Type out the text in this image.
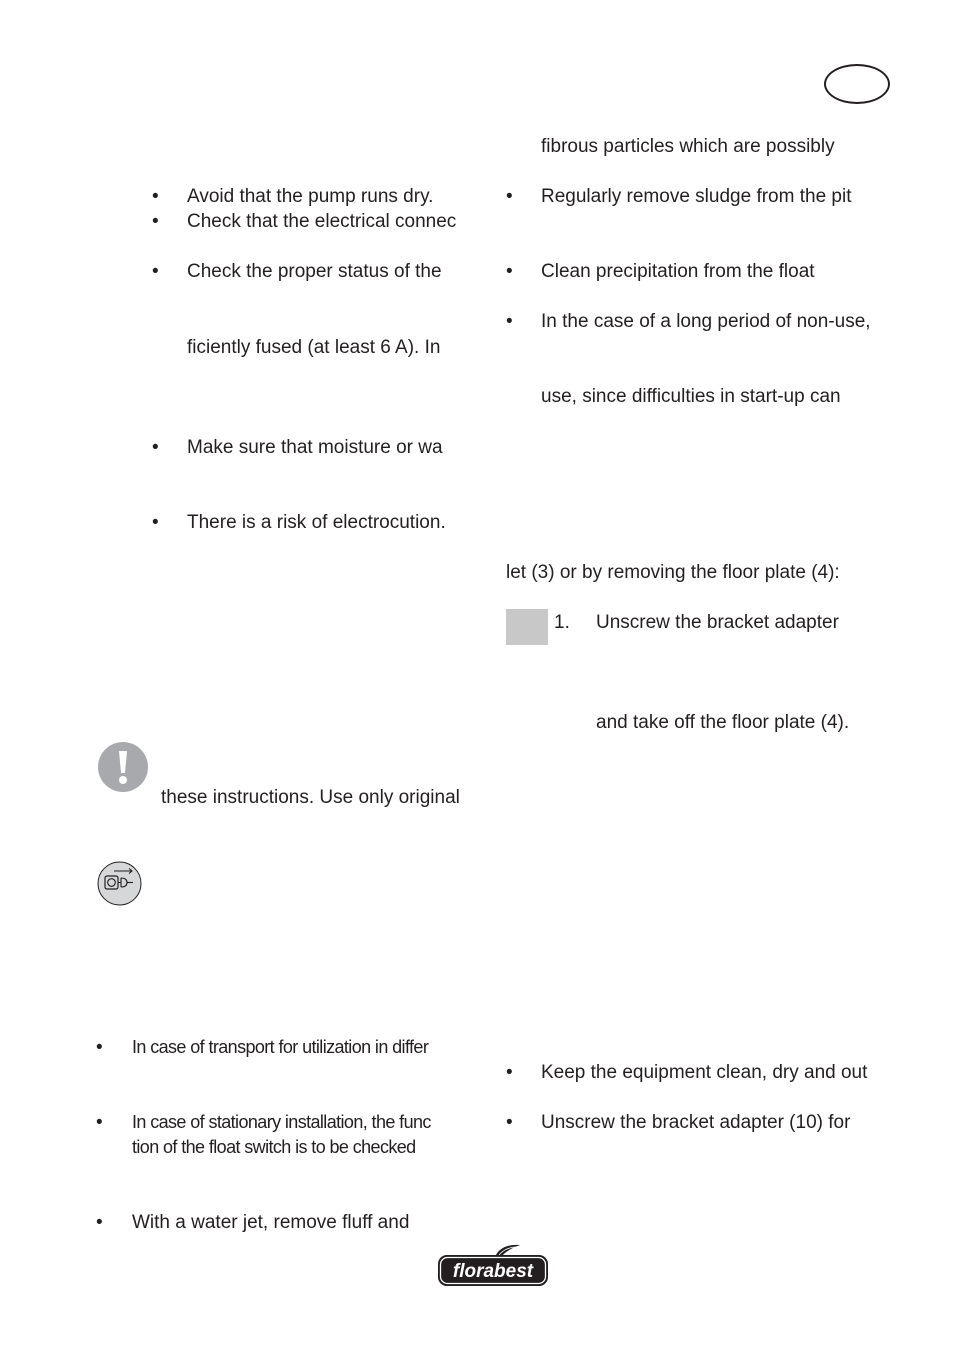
• Avoid that the pump runs dry.
• Check that the electrical connec
• Check the proper status of the
ficiently fused (at least 6 A). In
• Make sure that moisture or wa
• There is a risk of electrocution.
these instructions. Use only original
• In case of transport for utilization in differ
• In case of stationary installation, the func
tion of the float switch is to be checked
• With a water jet, remove fluff and
fibrous particles which are possibly
• Regularly remove sludge from the pit
• Clean precipitation from the float
• In the case of a long period of non-use,
use, since difficulties in start-up can
let (3) or by removing the floor plate (4):
1. Unscrew the bracket adapter
and take off the floor plate (4).
• Keep the equipment clean, dry and out
• Unscrew the bracket adapter (10) for
florabest
